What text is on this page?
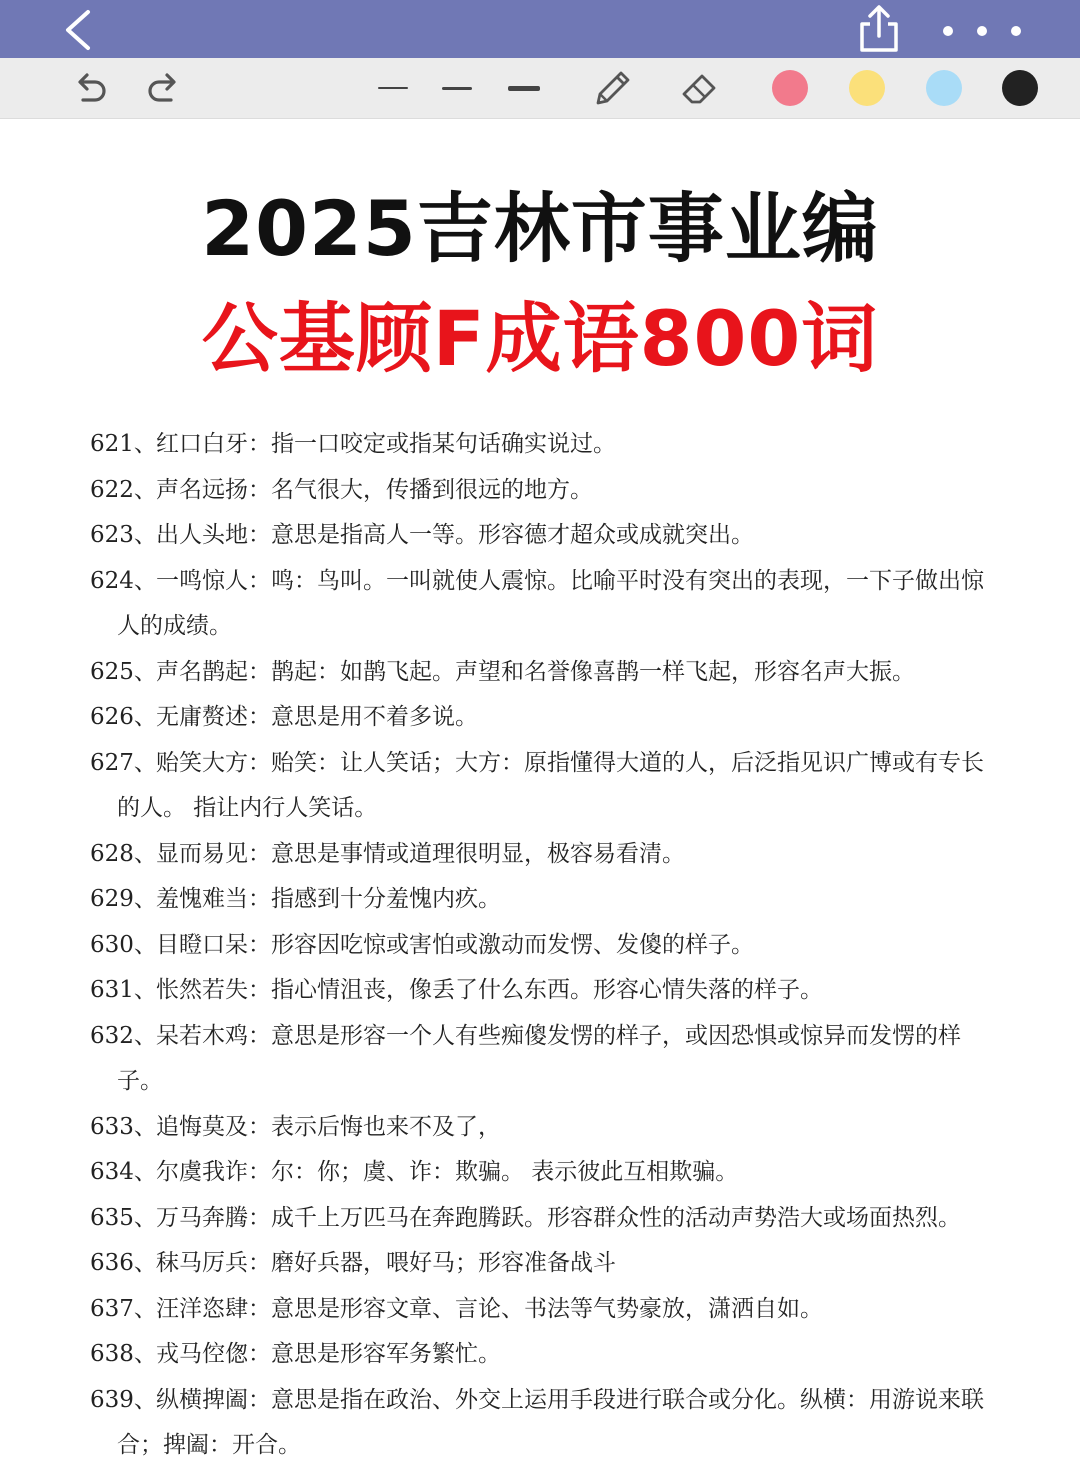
2025吉林市事业编
公基顾F成语800词
621、红口白牙：指一口咬定或指某句话确实说过。
622、声名远扬：名气很大，传播到很远的地方。
623、出人头地：意思是指高人一等。形容德才超众或成就突出。
624、一鸣惊人：鸣：鸟叫。一叫就使人震惊。比喻平时没有突出的表现，一下子做出惊
人的成绩。
625、声名鹊起：鹊起：如鹊飞起。声望和名誉像喜鹊一样飞起，形容名声大振。
626、无庸赘述：意思是用不着多说。
627、贻笑大方：贻笑：让人笑话；大方：原指懂得大道的人，后泛指见识广博或有专长
的人。 指让内行人笑话。
628、显而易见：意思是事情或道理很明显，极容易看清。
629、羞愧难当：指感到十分羞愧内疚。
630、目瞪口呆：形容因吃惊或害怕或激动而发愣、发傻的样子。
631、怅然若失：指心情沮丧，像丢了什么东西。形容心情失落的样子。
632、呆若木鸡：意思是形容一个人有些痴傻发愣的样子，或因恐惧或惊异而发愣的样
子。
633、追悔莫及：表示后悔也来不及了，
634、尔虞我诈：尔：你；虞、诈：欺骗。 表示彼此互相欺骗。
635、万马奔腾：成千上万匹马在奔跑腾跃。形容群众性的活动声势浩大或场面热烈。
636、秣马厉兵：磨好兵器，喂好马；形容准备战斗
637、汪洋恣肆：意思是形容文章、言论、书法等气势豪放，潇洒自如。
638、戎马倥偬：意思是形容军务繁忙。
639、纵横捭阖：意思是指在政治、外交上运用手段进行联合或分化。纵横：用游说来联
合；捭阖：开合。
